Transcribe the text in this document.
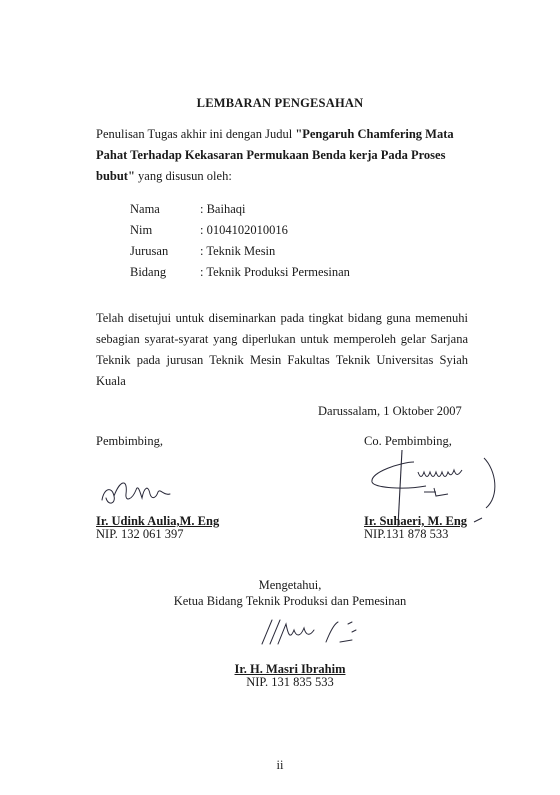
LEMBARAN PENGESAHAN
Penulisan Tugas akhir ini dengan Judul "Pengaruh Chamfering Mata Pahat Terhadap Kekasaran Permukaan Benda kerja Pada Proses bubut" yang disusun oleh:
Nama	: Baihaqi
Nim	: 0104102010016
Jurusan	: Teknik Mesin
Bidang	: Teknik Produksi Permesinan
Telah disetujui untuk diseminarkan pada tingkat bidang guna memenuhi sebagian syarat-syarat yang diperlukan untuk memperoleh gelar Sarjana Teknik pada jurusan Teknik Mesin Fakultas Teknik Universitas Syiah Kuala
Darussalam, 1 Oktober 2007
Pembimbing,
Ir. Udink Aulia,M. Eng
NIP. 132 061 397
Co. Pembimbing,
Ir. Suhaeri, M. Eng
NIP.131 878 533
Mengetahui,
Ketua Bidang Teknik Produksi dan Pemesinan
Ir. H. Masri Ibrahim
NIP. 131 835 533
ii
